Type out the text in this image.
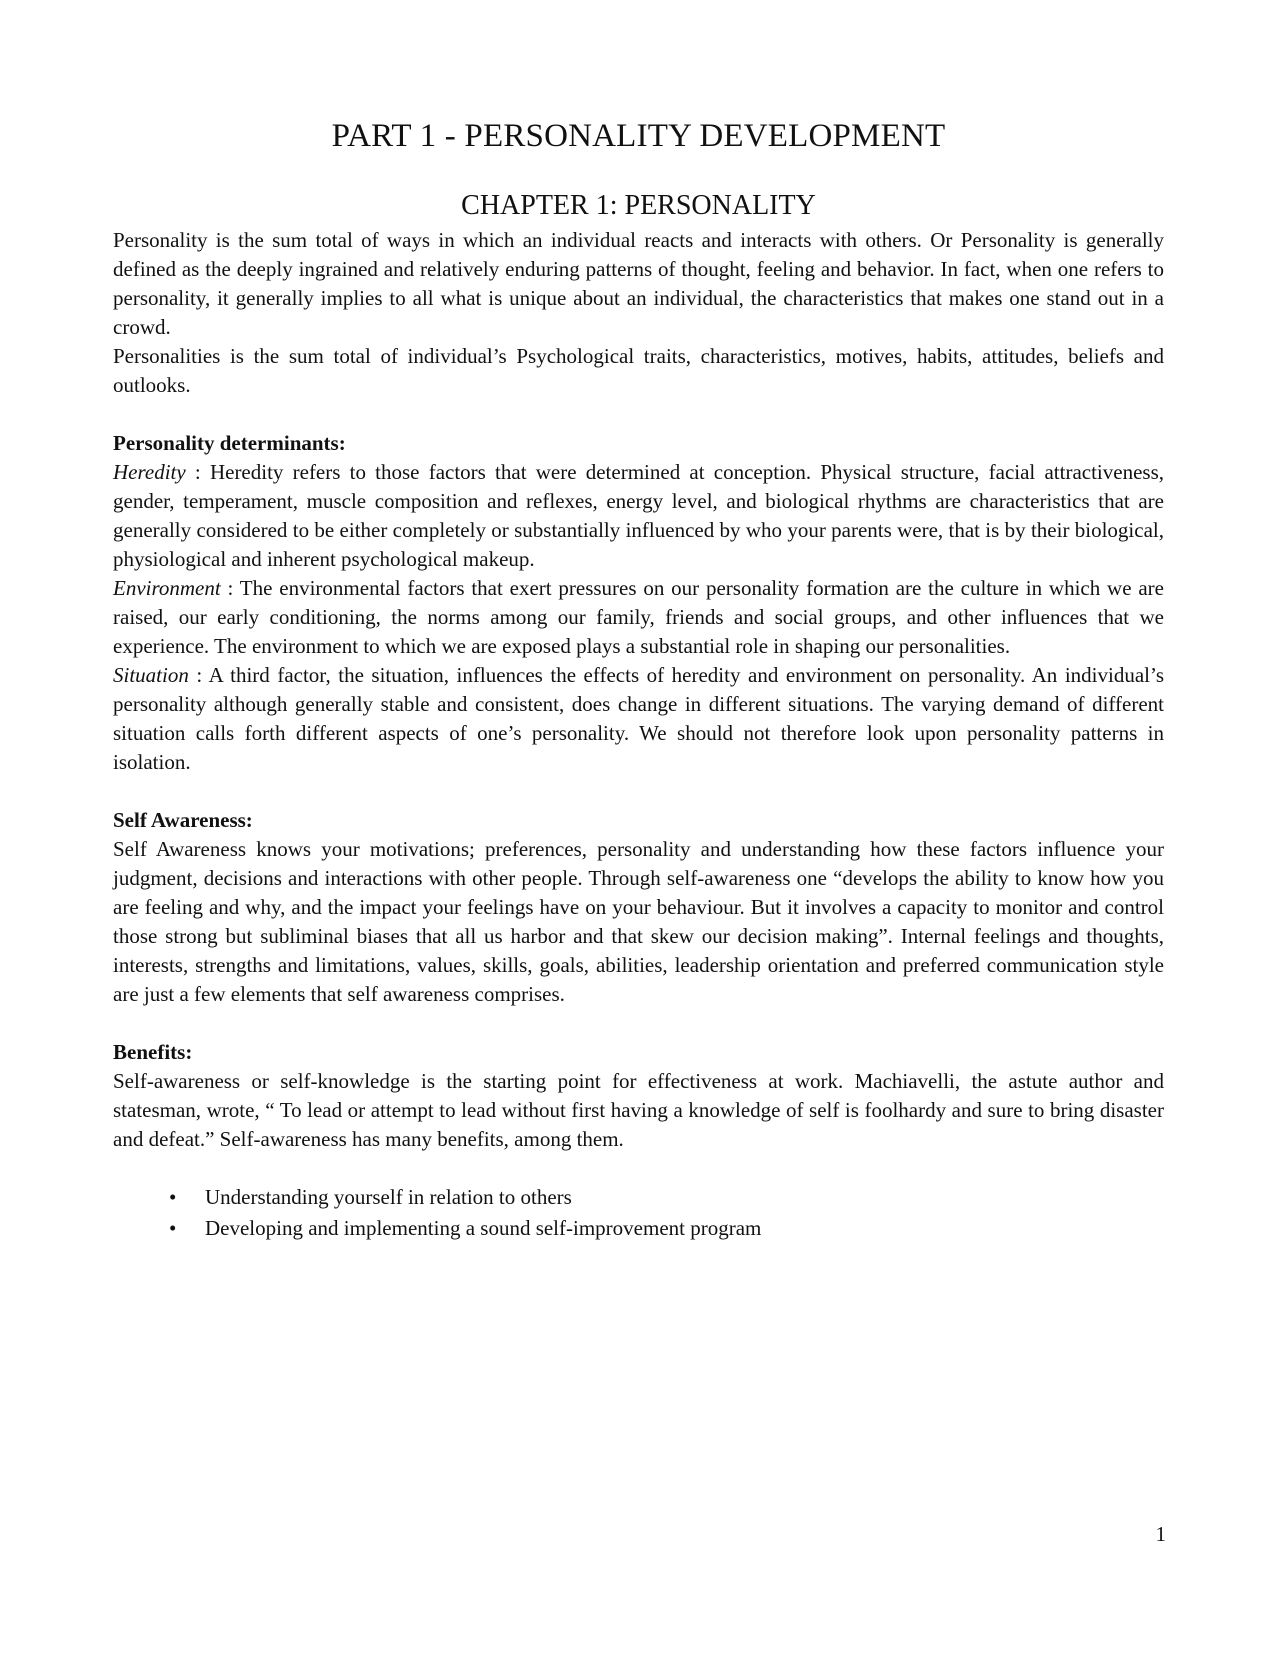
PART 1 - PERSONALITY DEVELOPMENT
CHAPTER 1: PERSONALITY

Personality is the sum total of ways in which an individual reacts and interacts with others. Or Personality is generally defined as the deeply ingrained and relatively enduring patterns of thought, feeling and behavior. In fact, when one refers to personality, it generally implies to all what is unique about an individual, the characteristics that makes one stand out in a crowd.

Personalities is the sum total of individual’s Psychological traits, characteristics, motives, habits, attitudes, beliefs and outlooks.

Personality determinants:

Heredity : Heredity refers to those factors that were determined at conception. Physical structure, facial attractiveness, gender, temperament, muscle composition and reflexes, energy level, and biological rhythms are characteristics that are generally considered to be either completely or substantially influenced by who your parents were, that is by their biological, physiological and inherent psychological makeup.

Environment : The environmental factors that exert pressures on our personality formation are the culture in which we are raised, our early conditioning, the norms among our family, friends and social groups, and other influences that we experience. The environment to which we are exposed plays a substantial role in shaping our personalities.

Situation : A third factor, the situation, influences the effects of heredity and environment on personality. An individual’s personality although generally stable and consistent, does change in different situations. The varying demand of different situation calls forth different aspects of one’s personality. We should not therefore look upon personality patterns in isolation.

Self Awareness:

Self Awareness knows your motivations; preferences, personality and understanding how these factors influence your judgment, decisions and interactions with other people. Through self-awareness one “develops the ability to know how you are feeling and why, and the impact your feelings have on your behaviour. But it involves a capacity to monitor and control those strong but subliminal biases that all us harbor and that skew our decision making”. Internal feelings and thoughts, interests, strengths and limitations, values, skills, goals, abilities, leadership orientation and preferred communication style are just a few elements that self awareness comprises.

Benefits:

Self-awareness or self-knowledge is the starting point for effectiveness at work. Machiavelli, the astute author and statesman, wrote, “ To lead or attempt to lead without first having a knowledge of self is foolhardy and sure to bring disaster and defeat.” Self-awareness has many benefits, among them.

• Understanding yourself in relation to others
• Developing and implementing a sound self-improvement program
1
